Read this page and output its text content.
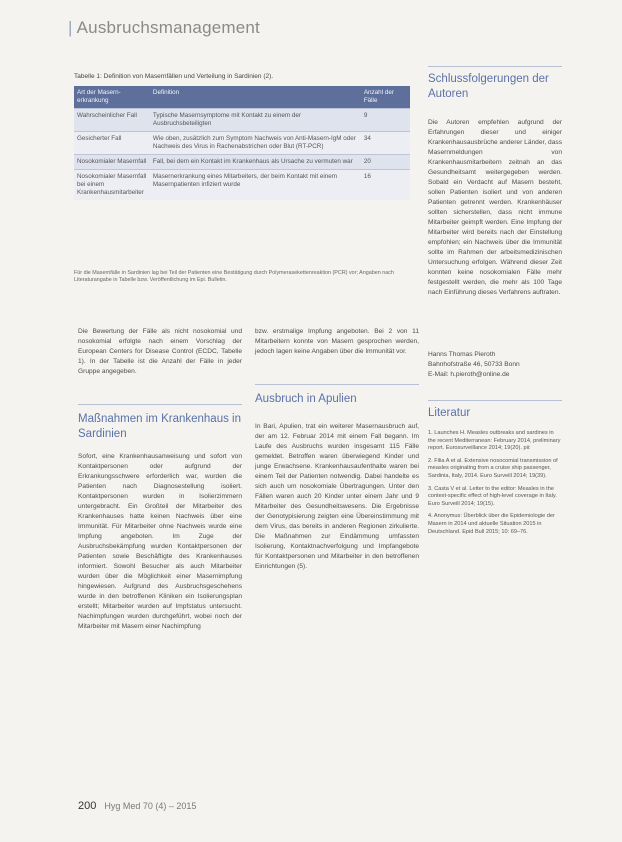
| Ausbruchsmanagement
Tabelle 1: Definition von Masernfällen und Verteilung in Sardinien (2).
Art der Masern-erkrankung	Definition	Anzahl der Fälle
Wahrscheinlicher Fall	Typische Masernsymptome mit Kontakt zu einem der Ausbruchsbeteiligten	9
Gesicherter Fall	Wie oben, zusätzlich zum Symptom Nachweis von Anti-Masern-IgM oder Nachweis des Virus in Rachenabstrichen oder Blut (RT-PCR)	34
Nosokomialer Masernfall	Fall, bei dem ein Kontakt im Krankenhaus als Ursache zu vermuten war	20
Nosokomialer Masernfall bei einem Krankenhausmitarbeiter	Masernerkrankung eines Mitarbeiters, der beim Kontakt mit einem Masernpatienten infiziert wurde	16
Für die Masernfälle in Sardinien lag bei Teil der Patienten eine Bestätigung durch Polymerasekettenreaktion (PCR) vor; Angaben nach Literaturangabe in Tabelle bzw. Veröffentlichung im Epi. Bulletin.
Die Bewertung der Fälle als nicht nosokomial und nosokomial erfolgte nach einem Vorschlag der European Centers for Disease Control (ECDC, Tabelle 1). In der Tabelle ist die Anzahl der Fälle in jeder Gruppe angegeben.
Maßnahmen im Krankenhaus in Sardinien
Sofort, eine Krankenhausanweisung und sofort von Kontaktpersonen oder aufgrund der Erkrankungsschwere erforderlich war, wurden die Patienten nach Diagnosestellung isoliert. Kontaktpersonen wurden in Isolierzimmern untergebracht. Ein Großteil der Mitarbeiter des Krankenhauses hatte keinen Nachweis über eine Immunität. Für Mitarbeiter ohne Nachweis wurde eine Impfung angeboten. Im Zuge der Ausbruchsbekämpfung wurden Kontaktpersonen der Patienten sowie Beschäftigte des Krankenhauses informiert. Sowohl Besucher als auch Mitarbeiter wurden über die Möglichkeit einer Masernimpfung hingewiesen. Aufgrund des Ausbruchsgeschehens wurde in den betroffenen Kliniken ein Isolierungsplan erstellt; Mitarbeiter wurden auf Impfstatus untersucht. Nachimpfungen wurden durchgeführt, wobei noch der Mitarbeiter mit Masern einer Nachimpfung
bzw. erstmalige Impfung angeboten. Bei 2 von 11 Mitarbeitern konnte von Masern gesprochen werden, jedoch lagen keine Angaben über die Immunität vor.
Ausbruch in Apulien
In Bari, Apulien, trat ein weiterer Masernausbruch auf, der am 12. Februar 2014 mit einem Fall begann. Im Laufe des Ausbruchs wurden insgesamt 115 Fälle gemeldet. Betroffen waren überwiegend Kinder und junge Erwachsene. Krankenhausaufenthalte waren bei einem Teil der Patienten notwendig. Dabei handelte es sich auch um nosokomiale Übertragungen. Unter den Fällen waren auch 20 Kinder unter einem Jahr und 9 Mitarbeiter des Gesundheitswesens. Die Ergebnisse der Genotypisierung zeigten eine Übereinstimmung mit dem Virus, das bereits in anderen Regionen zirkulierte. Die Maßnahmen zur Eindämmung umfassten Isolierung, Kontaktnachverfolgung und Impfangebote für Kontaktpersonen und Mitarbeiter in den betroffenen Einrichtungen (5).
Schlussfolgerungen der Autoren
Die Autoren empfehlen aufgrund der Erfahrungen dieser und einiger Krankenhausausbrüche anderer Länder, dass Masernmeldungen von Krankenhausmitarbeitern zeitnah an das Gesundheitsamt weitergegeben werden. Sobald ein Verdacht auf Masern besteht, sollen Patienten isoliert und von anderen Patienten getrennt werden. Krankenhäuser sollten sicherstellen, dass nicht immune Mitarbeiter geimpft werden. Eine Impfung der Mitarbeiter wird bereits nach der Einstellung empfohlen; ein Nachweis über die Immunität sollte im Rahmen der arbeitsmedizinischen Untersuchung erfolgen. Während dieser Zeit konnten keine nosokomialen Fälle mehr festgestellt werden, die mehr als 100 Tage nach Einführung dieses Verfahrens auftraten.
Hanns Thomas Pieroth
Bahnhofstraße 46, 50733 Bonn
E-Mail: h.pieroth@online.de
Literatur
1. Launches H. Measles outbreaks and sardines in the recent Mediterranean: February 2014, preliminary report. Eurosurveillance 2014; 19(20). pii:
2. Filia A et al. Extensive nosocomial transmission of measles originating from a cruise ship passenger, Sardinia, Italy, 2014. Euro Surveill 2014; 19(39).
3. Casta V et al. Letter to the editor: Measles in the context-specific effect of high-level coverage in Italy. Euro Surveill 2014; 19(15).
4. Anonymus: Überblick über die Epidemiologie der Masern in 2014 und aktuelle Situation 2015 in Deutschland. Epid Bull 2015; 10: 69–76.
200 Hyg Med 70 (4) – 2015
